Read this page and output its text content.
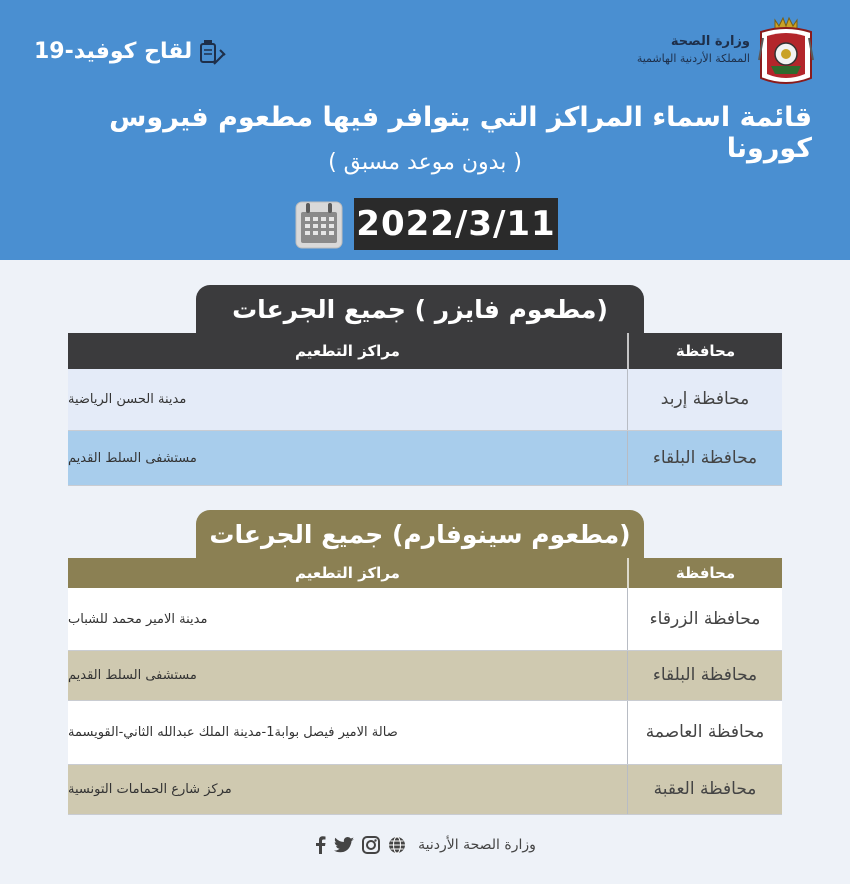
وزارة الصحة
المملكة الأردنية الهاشمية
لقاح كوفيد-19
قائمة اسماء المراكز التي يتوافر فيها مطعوم فيروس كورونا
( بدون موعد مسبق )
2022/3/11
(مطعوم فايزر ) جميع الجرعات
مراكز التطعيم	محافظة
مدينة الحسن الرياضية	محافظة إربد
مستشفى السلط القديم	محافظة البلقاء
(مطعوم سينوفارم) جميع الجرعات
مراكز التطعيم	محافظة
مدينة الامير محمد للشباب	محافظة الزرقاء
مستشفى السلط القديم	محافظة البلقاء
صالة الامير فيصل بوابة1-مدينة الملك عبدالله الثاني-القويسمة	محافظة العاصمة
مركز شارع الحمامات التونسية	محافظة العقبة
وزارة الصحة الأردنية
